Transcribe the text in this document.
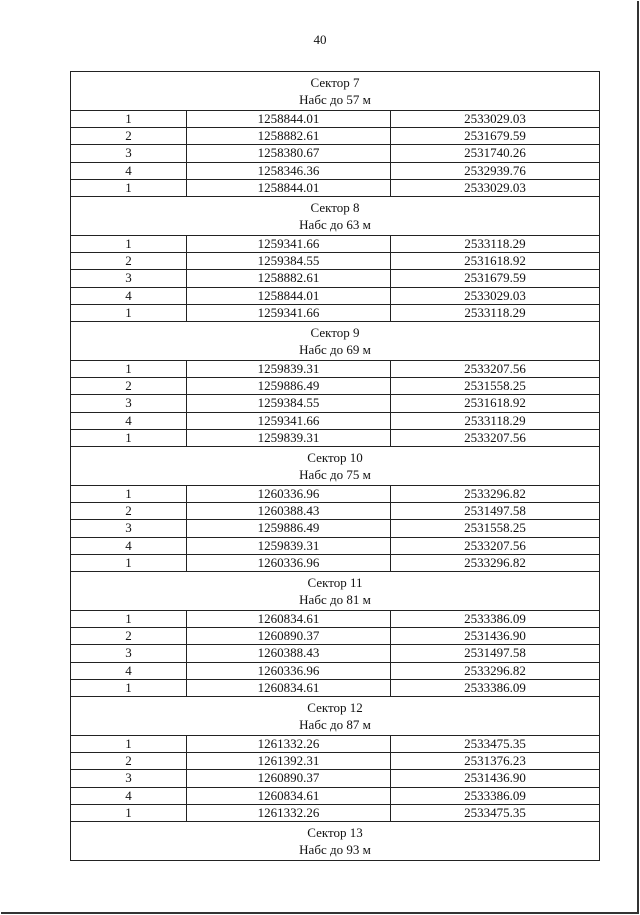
40
Сектор 7
Набс до 57 м		

1	1258844.01	2533029.03
2	1258882.61	2531679.59
3	1258380.67	2531740.26
4	1258346.36	2532939.76
1	1258844.01	2533029.03

Сектор 8
Набс до 63 м		

1	1259341.66	2533118.29
2	1259384.55	2531618.92
3	1258882.61	2531679.59
4	1258844.01	2533029.03
1	1259341.66	2533118.29

Сектор 9
Набс до 69 м		

1	1259839.31	2533207.56
2	1259886.49	2531558.25
3	1259384.55	2531618.92
4	1259341.66	2533118.29
1	1259839.31	2533207.56

Сектор 10
Набс до 75 м		

1	1260336.96	2533296.82
2	1260388.43	2531497.58
3	1259886.49	2531558.25
4	1259839.31	2533207.56
1	1260336.96	2533296.82

Сектор 11
Набс до 81 м		

1	1260834.61	2533386.09
2	1260890.37	2531436.90
3	1260388.43	2531497.58
4	1260336.96	2533296.82
1	1260834.61	2533386.09

Сектор 12
Набс до 87 м		

1	1261332.26	2533475.35
2	1261392.31	2531376.23
3	1260890.37	2531436.90
4	1260834.61	2533386.09
1	1261332.26	2533475.35

Сектор 13
Набс до 93 м		
